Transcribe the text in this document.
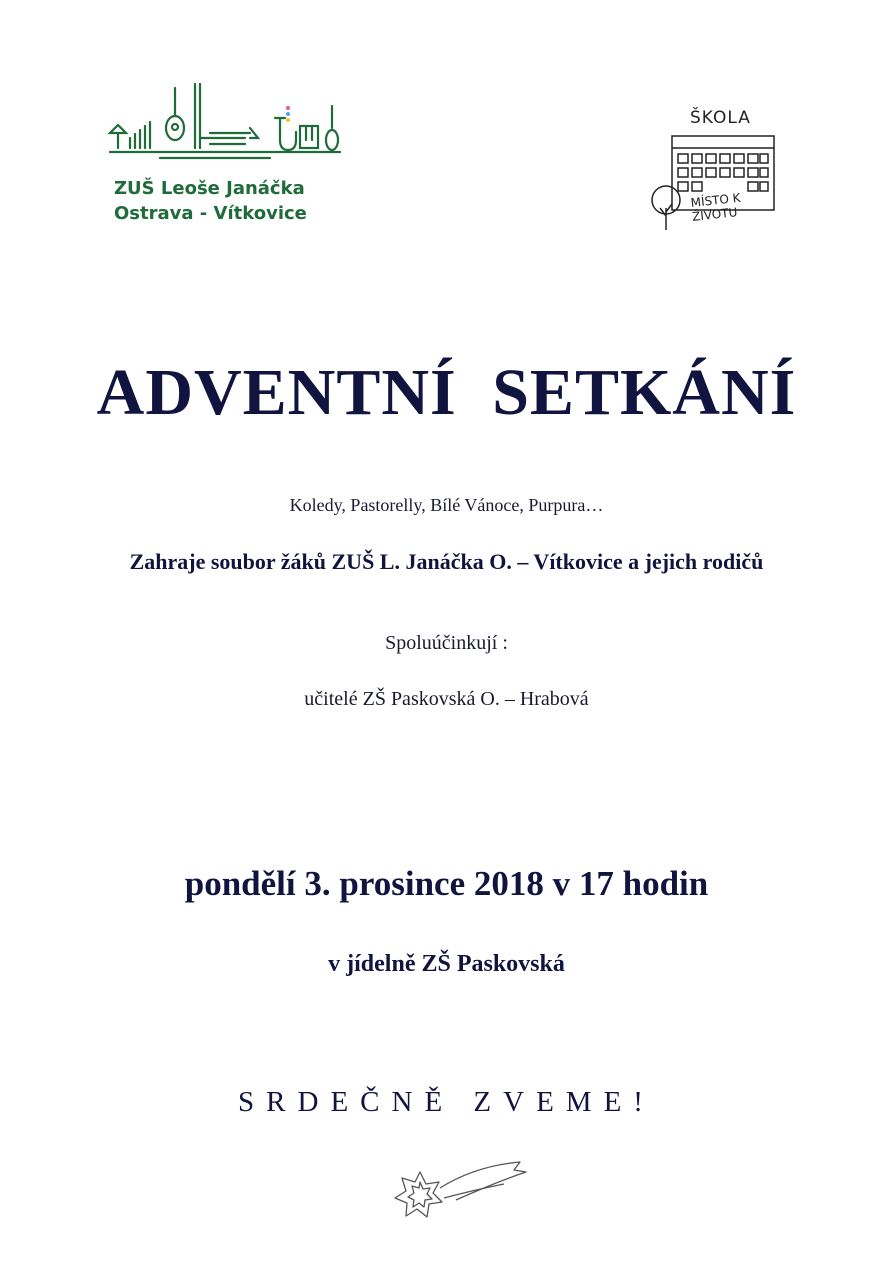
ZUŠ Leoše Janáčka
Ostrava - Vítkovice
ŠKOLA
MÍSTO K ŽIVOTU
ADVENTNÍ SETKÁNÍ
Koledy, Pastorelly, Bílé Vánoce, Purpura…
Zahraje soubor žáků ZUŠ L. Janáčka O. – Vítkovice a jejich rodičů
Spoluúčinkují :
učitelé ZŠ Paskovská O. – Hrabová
pondělí 3. prosince 2018 v 17 hodin
v jídelně ZŠ Paskovská
SRDEČNĚ ZVEME!
